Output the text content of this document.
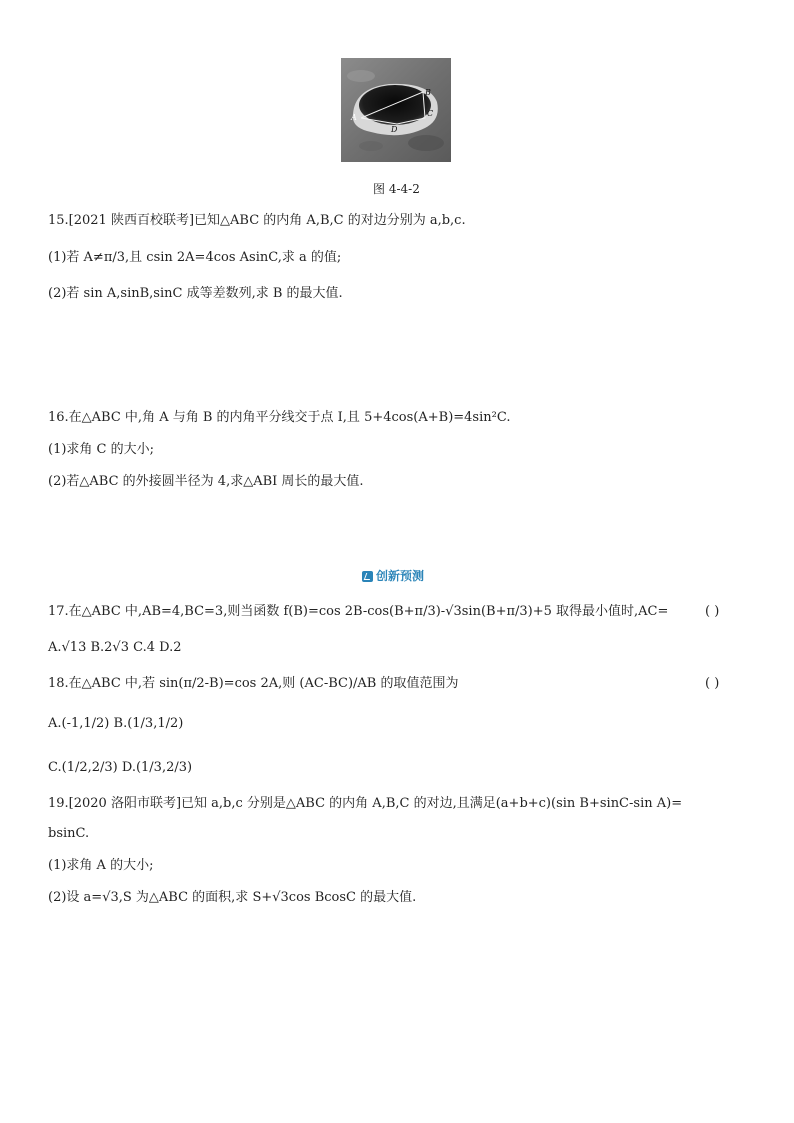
A
B
C
D
图 4-4-2
15.[2021 陕西百校联考]已知△ABC 的内角 A,B,C 的对边分别为 a,b,c.
(1)若 A≠π/3,且 csin 2A=4cos AsinC,求 a 的值;
(2)若 sin A,sinB,sinC 成等差数列,求 B 的最大值.
16.在△ABC 中,角 A 与角 B 的内角平分线交于点 I,且 5+4cos(A+B)=4sin²C.
(1)求角 C 的大小;
(2)若△ABC 的外接圆半径为 4,求△ABI 周长的最大值.
创新预测
17.在△ABC 中,AB=4,BC=3,则当函数 f(B)=cos 2B-cos(B+π/3)-√3sin(B+π/3)+5 取得最小值时,AC=	( )
A.√13 B.2√3 C.4 D.2
18.在△ABC 中,若 sin(π/2-B)=cos 2A,则 (AC-BC)/AB 的取值范围为	( )
A.(-1,1/2) B.(1/3,1/2)
C.(1/2,2/3) D.(1/3,2/3)
19.[2020 洛阳市联考]已知 a,b,c 分别是△ABC 的内角 A,B,C 的对边,且满足(a+b+c)(sin B+sinC-sin A)=
bsinC.
(1)求角 A 的大小;
(2)设 a=√3,S 为△ABC 的面积,求 S+√3cos BcosC 的最大值.
